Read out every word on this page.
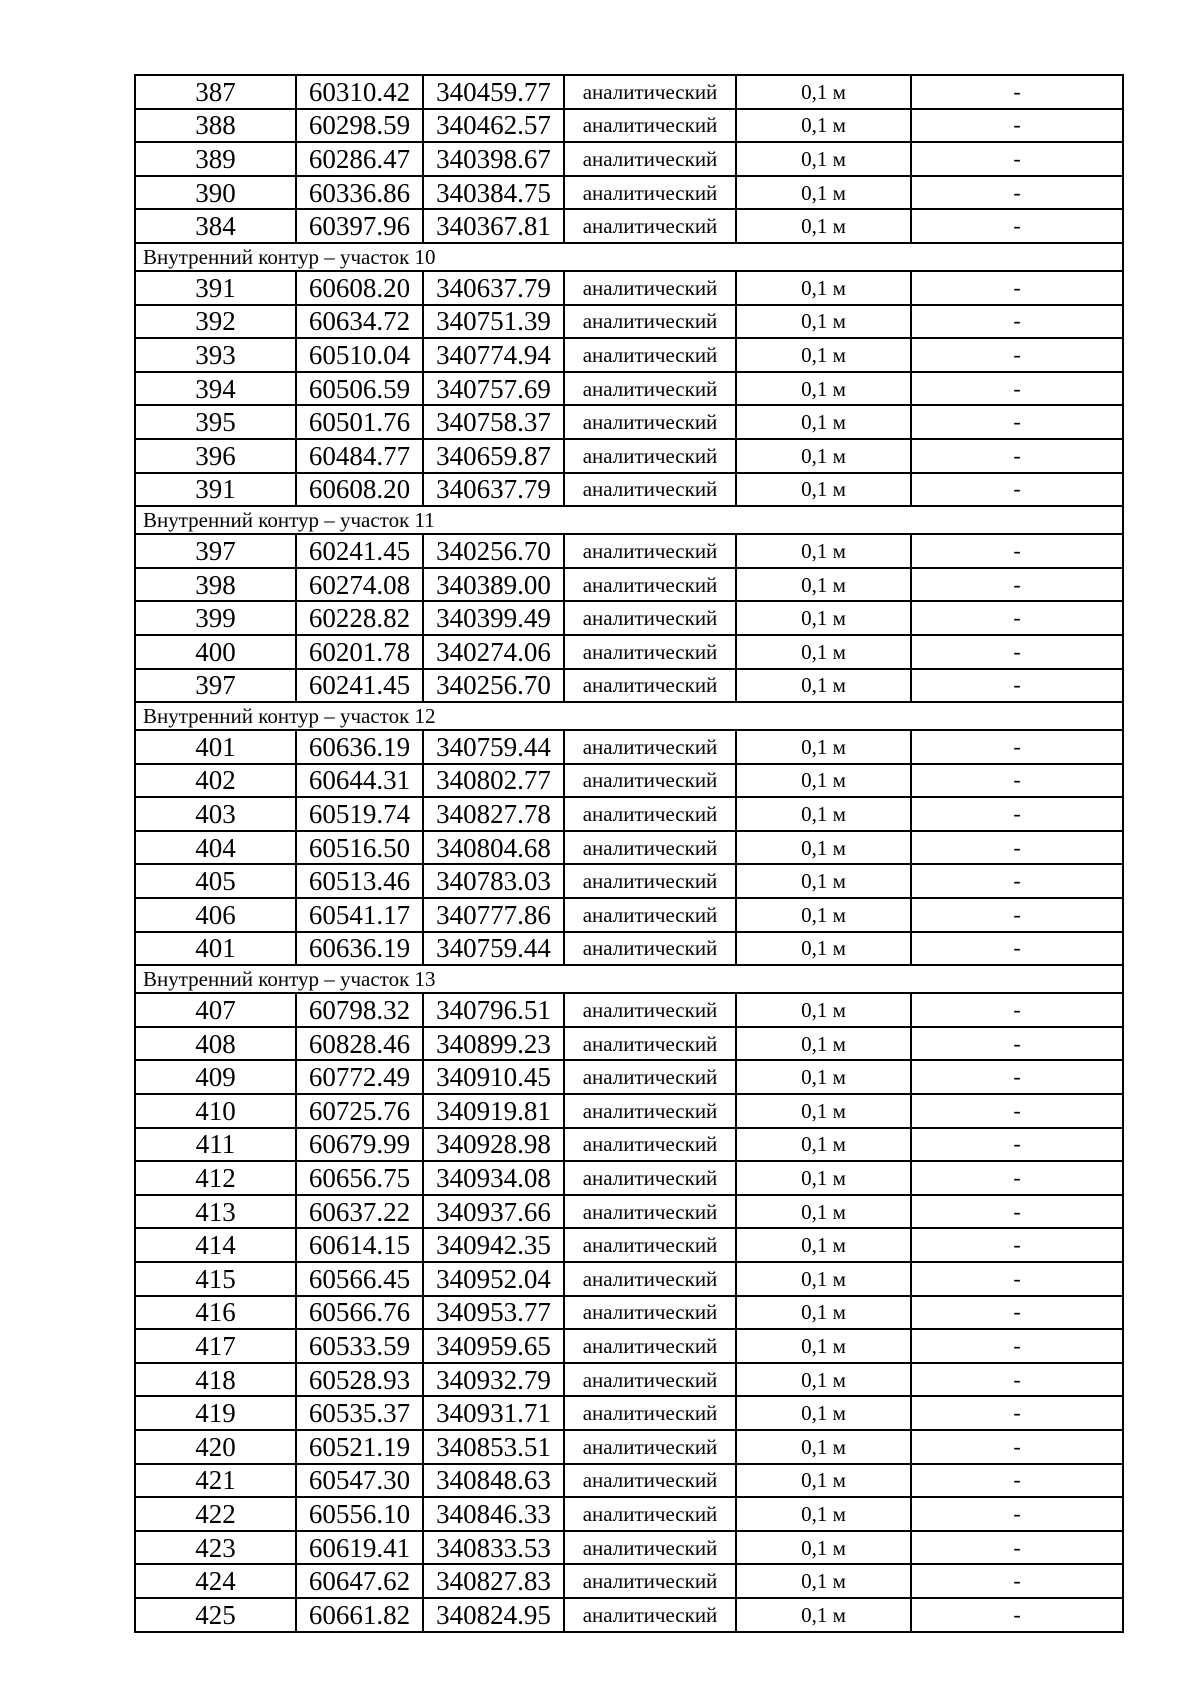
387	60310.42	340459.77	аналитический	0,1 м	-
388	60298.59	340462.57	аналитический	0,1 м	-
389	60286.47	340398.67	аналитический	0,1 м	-
390	60336.86	340384.75	аналитический	0,1 м	-
384	60397.96	340367.81	аналитический	0,1 м	-
Внутренний контур – участок 10					
391	60608.20	340637.79	аналитический	0,1 м	-
392	60634.72	340751.39	аналитический	0,1 м	-
393	60510.04	340774.94	аналитический	0,1 м	-
394	60506.59	340757.69	аналитический	0,1 м	-
395	60501.76	340758.37	аналитический	0,1 м	-
396	60484.77	340659.87	аналитический	0,1 м	-
391	60608.20	340637.79	аналитический	0,1 м	-
Внутренний контур – участок 11					
397	60241.45	340256.70	аналитический	0,1 м	-
398	60274.08	340389.00	аналитический	0,1 м	-
399	60228.82	340399.49	аналитический	0,1 м	-
400	60201.78	340274.06	аналитический	0,1 м	-
397	60241.45	340256.70	аналитический	0,1 м	-
Внутренний контур – участок 12					
401	60636.19	340759.44	аналитический	0,1 м	-
402	60644.31	340802.77	аналитический	0,1 м	-
403	60519.74	340827.78	аналитический	0,1 м	-
404	60516.50	340804.68	аналитический	0,1 м	-
405	60513.46	340783.03	аналитический	0,1 м	-
406	60541.17	340777.86	аналитический	0,1 м	-
401	60636.19	340759.44	аналитический	0,1 м	-
Внутренний контур – участок 13					
407	60798.32	340796.51	аналитический	0,1 м	-
408	60828.46	340899.23	аналитический	0,1 м	-
409	60772.49	340910.45	аналитический	0,1 м	-
410	60725.76	340919.81	аналитический	0,1 м	-
411	60679.99	340928.98	аналитический	0,1 м	-
412	60656.75	340934.08	аналитический	0,1 м	-
413	60637.22	340937.66	аналитический	0,1 м	-
414	60614.15	340942.35	аналитический	0,1 м	-
415	60566.45	340952.04	аналитический	0,1 м	-
416	60566.76	340953.77	аналитический	0,1 м	-
417	60533.59	340959.65	аналитический	0,1 м	-
418	60528.93	340932.79	аналитический	0,1 м	-
419	60535.37	340931.71	аналитический	0,1 м	-
420	60521.19	340853.51	аналитический	0,1 м	-
421	60547.30	340848.63	аналитический	0,1 м	-
422	60556.10	340846.33	аналитический	0,1 м	-
423	60619.41	340833.53	аналитический	0,1 м	-
424	60647.62	340827.83	аналитический	0,1 м	-
425	60661.82	340824.95	аналитический	0,1 м	-
